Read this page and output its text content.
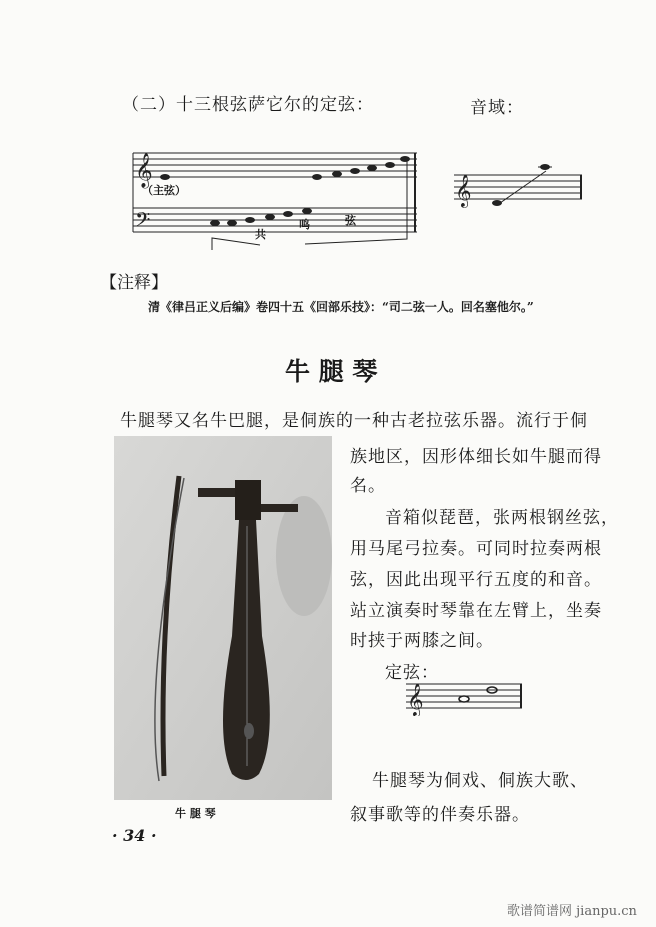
（二）十三根弦萨它尔的定弦：	音域：
𝄞
𝄢
（主弦）
共
鸣	弦
𝄞
【注释】
清《律吕正义后编》卷四十五《回部乐技》：“司二弦一人。回名塞他尔。”
牛 腿 琴
牛腿琴又名牛巴腿，是侗族的一种古老拉弦乐器。流行于侗
族地区，因形体细长如牛腿而得
名。
音箱似琵琶，张两根钢丝弦，
用马尾弓拉奏。可同时拉奏两根
弦，因此出现平行五度的和音。
站立演奏时琴靠在左臂上，坐奏
时挟于两膝之间。
定弦：
𝄞
牛腿琴为侗戏、侗族大歌、
叙事歌等的伴奏乐器。
牛 腿 琴
· 34 ·
歌谱简谱网 jianpu.cn
